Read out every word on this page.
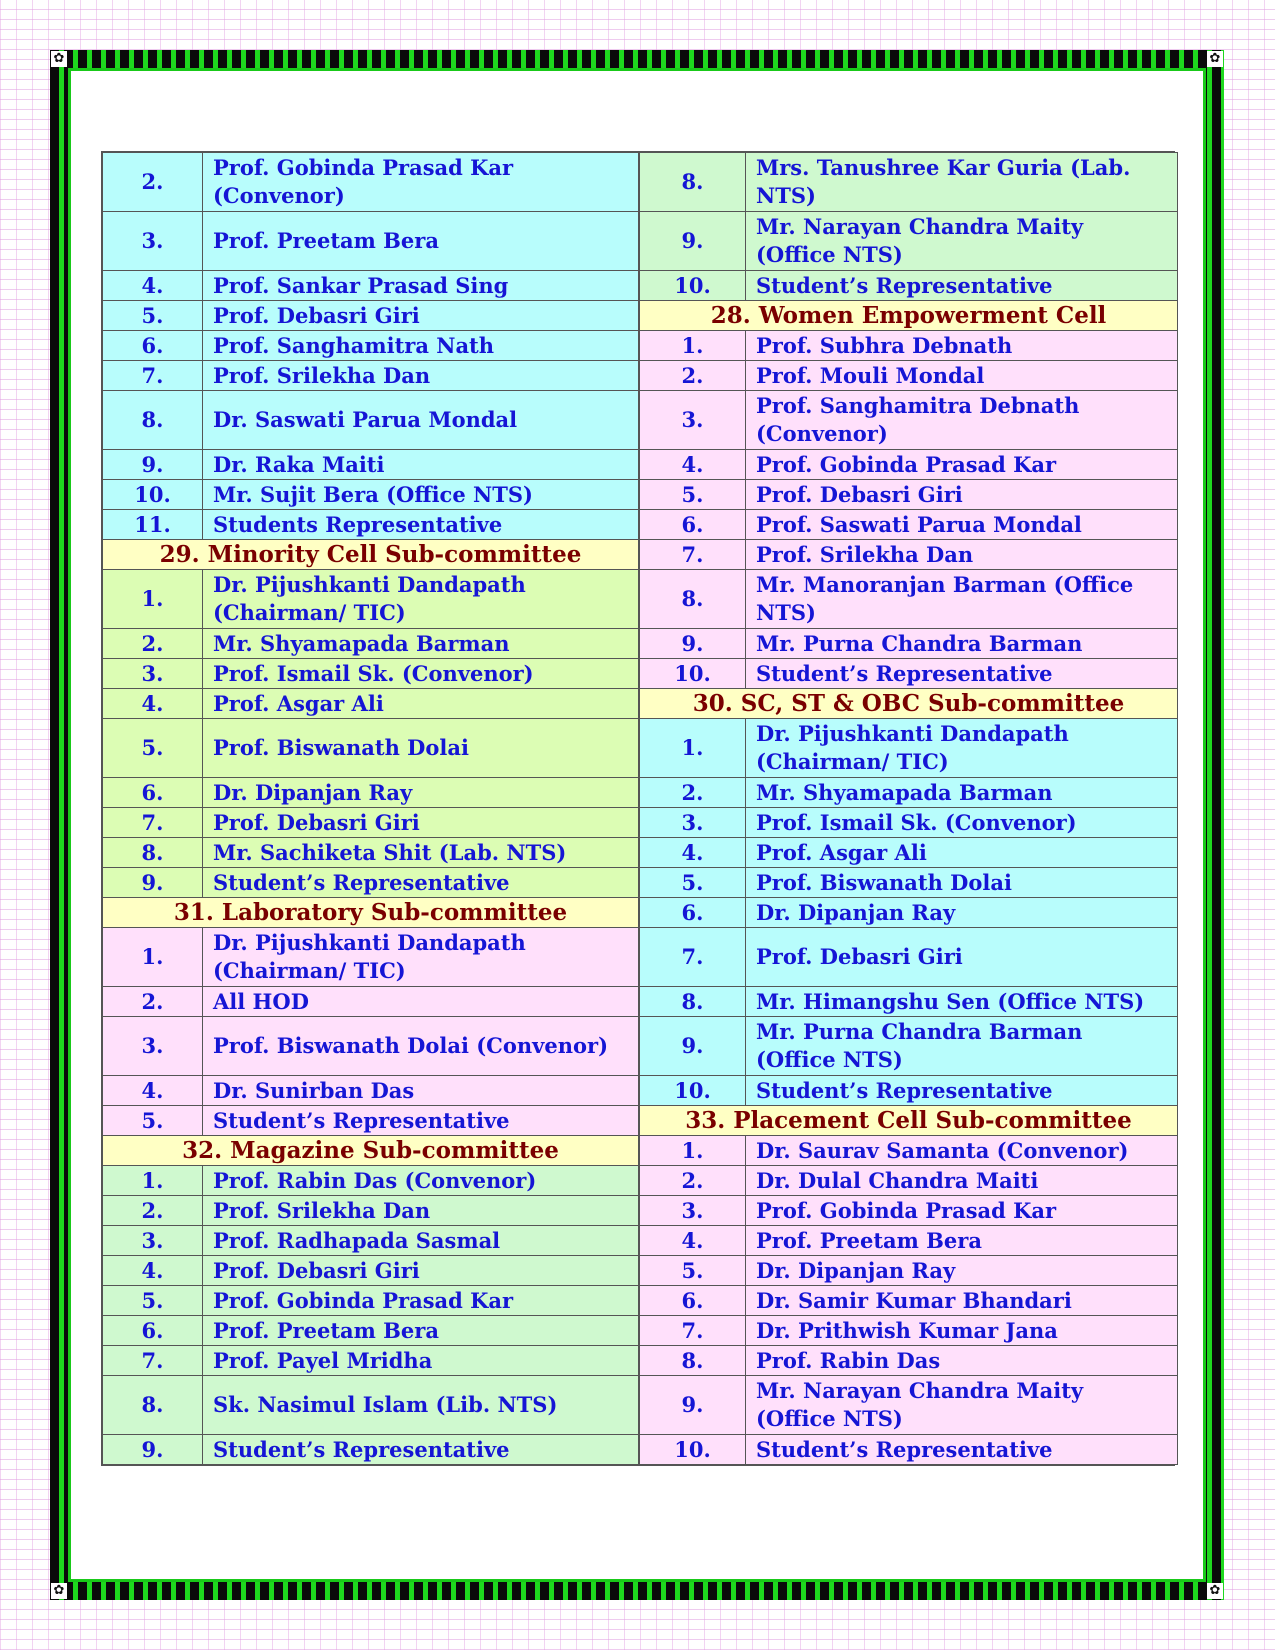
✿	✿
✿	✿
2.	Prof. Gobinda Prasad Kar (Convenor)
3.	Prof. Preetam Bera
4.	Prof. Sankar Prasad Sing
5.	Prof. Debasri Giri
6.	Prof. Sanghamitra Nath
7.	Prof. Srilekha Dan
8.	Dr. Saswati Parua Mondal
9.	Dr. Raka Maiti
10.	Mr. Sujit Bera (Office NTS)
11.	Students Representative
29. Minority Cell Sub-committee	
1.	Dr. Pijushkanti Dandapath (Chairman/ TIC)
2.	Mr. Shyamapada Barman
3.	Prof. Ismail Sk. (Convenor)
4.	Prof. Asgar Ali
5.	Prof. Biswanath Dolai
6.	Dr. Dipanjan Ray
7.	Prof. Debasri Giri
8.	Mr. Sachiketa Shit (Lab. NTS)
9.	Student’s Representative
31. Laboratory Sub-committee	
1.	Dr. Pijushkanti Dandapath (Chairman/ TIC)
2.	All HOD
3.	Prof. Biswanath Dolai (Convenor)
4.	Dr. Sunirban Das
5.	Student’s Representative
32. Magazine Sub-committee	
1.	Prof. Rabin Das (Convenor)
2.	Prof. Srilekha Dan
3.	Prof. Radhapada Sasmal
4.	Prof. Debasri Giri
5.	Prof. Gobinda Prasad Kar
6.	Prof. Preetam Bera
7.	Prof. Payel Mridha
8.	Sk. Nasimul Islam (Lib. NTS)
9.	Student’s Representative
8.	Mrs. Tanushree Kar Guria (Lab. NTS)
9.	Mr. Narayan Chandra Maity (Office NTS)
10.	Student’s Representative
28. Women Empowerment Cell	
1.	Prof. Subhra Debnath
2.	Prof. Mouli Mondal
3.	Prof. Sanghamitra Debnath (Convenor)
4.	Prof. Gobinda Prasad Kar
5.	Prof. Debasri Giri
6.	Prof. Saswati Parua Mondal
7.	Prof. Srilekha Dan
8.	Mr. Manoranjan Barman (Office NTS)
9.	Mr. Purna Chandra Barman
10.	Student’s Representative
30. SC, ST & OBC Sub-committee	
1.	Dr. Pijushkanti Dandapath (Chairman/ TIC)
2.	Mr. Shyamapada Barman
3.	Prof. Ismail Sk. (Convenor)
4.	Prof. Asgar Ali
5.	Prof. Biswanath Dolai
6.	Dr. Dipanjan Ray
7.	Prof. Debasri Giri
8.	Mr. Himangshu Sen (Office NTS)
9.	Mr. Purna Chandra Barman (Office NTS)
10.	Student’s Representative
33. Placement Cell Sub-committee	
1.	Dr. Saurav Samanta (Convenor)
2.	Dr. Dulal Chandra Maiti
3.	Prof. Gobinda Prasad Kar
4.	Prof. Preetam Bera
5.	Dr. Dipanjan Ray
6.	Dr. Samir Kumar Bhandari
7.	Dr. Prithwish Kumar Jana
8.	Prof. Rabin Das
9.	Mr. Narayan Chandra Maity (Office NTS)
10.	Student’s Representative
